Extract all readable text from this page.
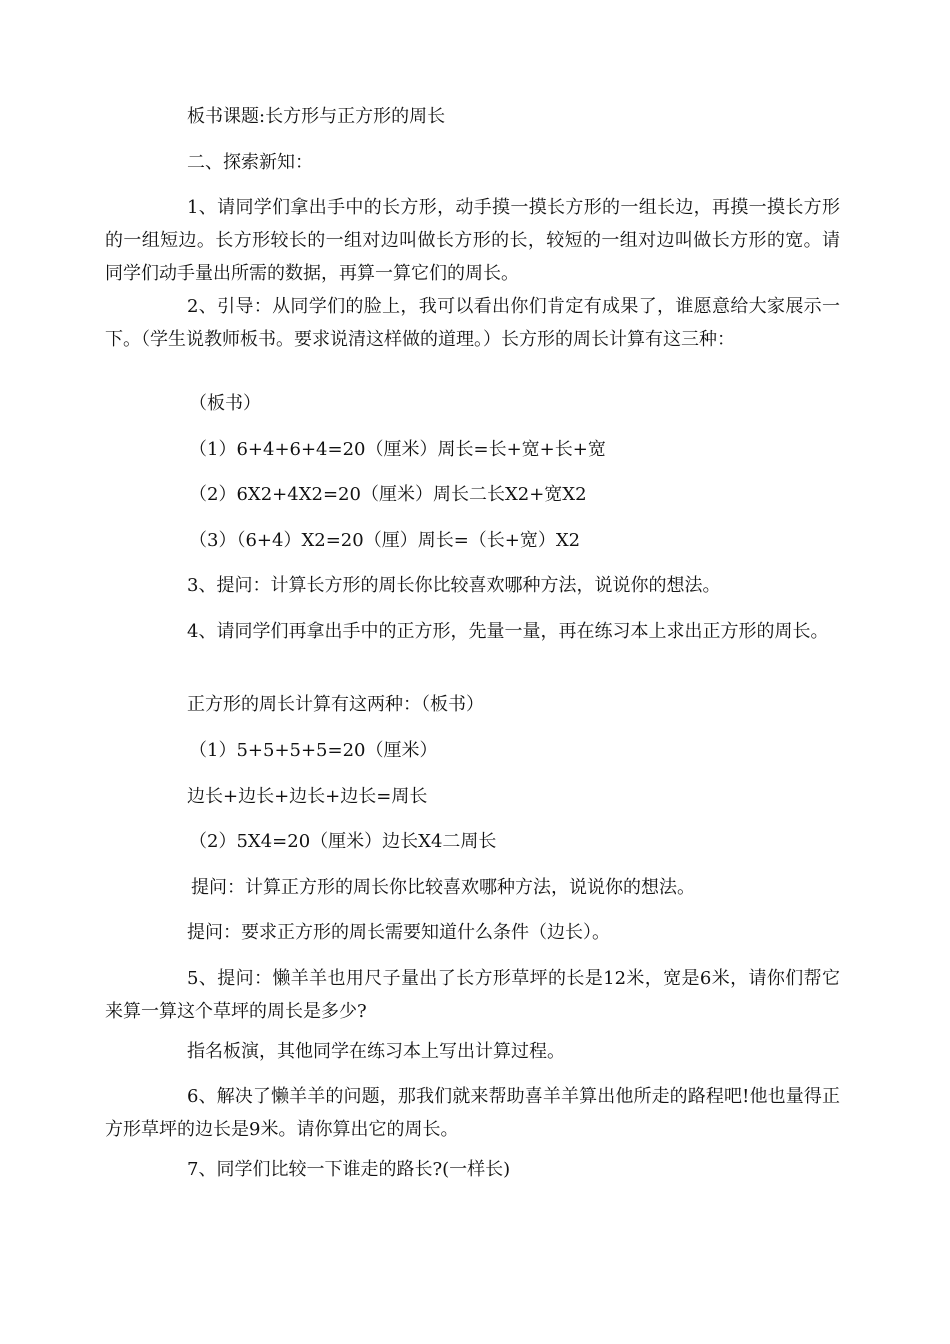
板书课题:长方形与正方形的周长

二、探索新知：

1、请同学们拿出手中的长方形，动手摸一摸长方形的一组长边，再摸一摸长方形的一组短边。长方形较长的一组对边叫做长方形的长，较短的一组对边叫做长方形的宽。请同学们动手量出所需的数据，再算一算它们的周长。

2、引导：从同学们的脸上，我可以看出你们肯定有成果了，谁愿意给大家展示一下。（学生说教师板书。要求说清这样做的道理。）长方形的周长计算有这三种：

（板书）

（1）6+4+6+4=20（厘米）周长=长+宽+长+宽

（2）6X2+4X2=20（厘米）周长二长X2+宽X2

（3）（6+4）X2=20（厘）周长=（长+宽）X2

3、提问：计算长方形的周长你比较喜欢哪种方法，说说你的想法。

4、请同学们再拿出手中的正方形，先量一量，再在练习本上求出正方形的周长。

正方形的周长计算有这两种：（板书）

（1）5+5+5+5=20（厘米）

边长+边长+边长+边长=周长

（2）5X4=20（厘米）边长X4二周长

提问：计算正方形的周长你比较喜欢哪种方法，说说你的想法。

提问：要求正方形的周长需要知道什么条件（边长）。

5、提问：懒羊羊也用尺子量出了长方形草坪的长是12米，宽是6米，请你们帮它来算一算这个草坪的周长是多少?

指名板演，其他同学在练习本上写出计算过程。

6、解决了懒羊羊的问题，那我们就来帮助喜羊羊算出他所走的路程吧!他也量得正方形草坪的边长是9米。请你算出它的周长。

7、同学们比较一下谁走的路长?(一样长)
